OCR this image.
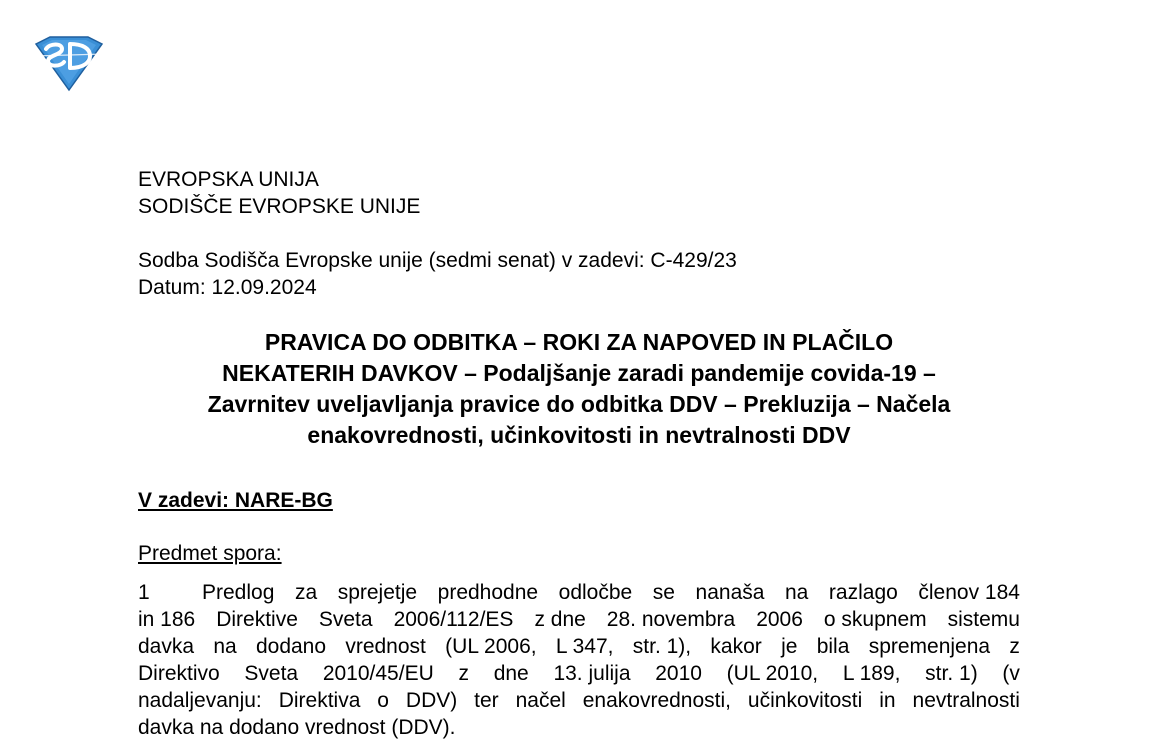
EVROPSKA UNIJA

SODIŠČE EVROPSKE UNIJE

Sodba Sodišča Evropske unije (sedmi senat) v zadevi: C-429/23

Datum: 12.09.2024

PRAVICA DO ODBITKA – ROKI ZA NAPOVED IN PLAČILO
NEKATERIH DAVKOV – Podaljšanje zaradi pandemije covida-19 –
Zavrnitev uveljavljanja pravice do odbitka DDV – Prekluzija – Načela
enakovrednosti, učinkovitosti in nevtralnosti DDV
V zadevi: NARE-BG
Predmet spora:
1 Predlog za sprejetje predhodne odločbe se nanaša na razlago členov 184
in 186 Direktive Sveta 2006/112/ES z dne 28. novembra 2006 o skupnem sistemu
davka na dodano vrednost (UL 2006, L 347, str. 1), kakor je bila spremenjena z
Direktivo Sveta 2010/45/EU z dne 13. julija 2010 (UL 2010, L 189, str. 1) (v
nadaljevanju: Direktiva o DDV) ter načel enakovrednosti, učinkovitosti in nevtralnosti
davka na dodano vrednost (DDV).
